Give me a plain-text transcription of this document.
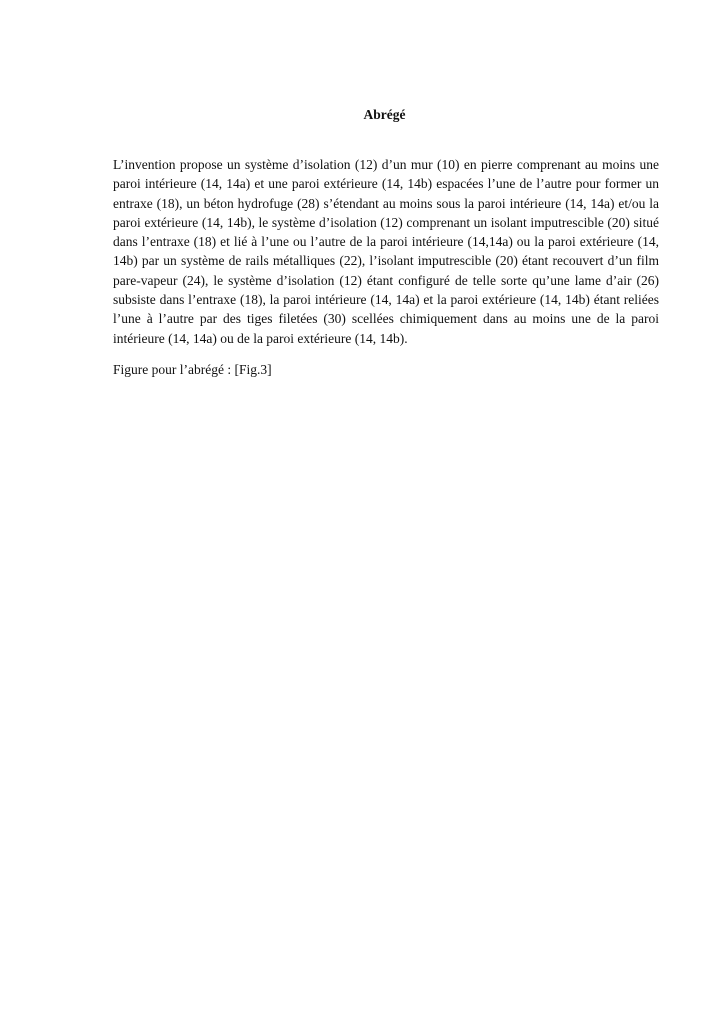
Abrégé

L’invention propose un système d’isolation (12) d’un mur (10) en pierre comprenant au moins une paroi intérieure (14, 14a) et une paroi extérieure (14, 14b) espacées l’une de l’autre pour former un entraxe (18), un béton hydrofuge (28) s’étendant au moins sous la paroi intérieure (14, 14a) et/ou la paroi extérieure (14, 14b), le système d’isolation (12) comprenant un isolant imputrescible (20) situé dans l’entraxe (18) et lié à l’une ou l’autre de la paroi intérieure (14,14a) ou la paroi extérieure (14, 14b) par un système de rails métalliques (22), l’isolant imputrescible (20) étant recouvert d’un film pare-vapeur (24), le système d’isolation (12) étant configuré de telle sorte qu’une lame d’air (26) subsiste dans l’entraxe (18), la paroi intérieure (14, 14a) et la paroi extérieure (14, 14b) étant reliées l’une à l’autre par des tiges filetées (30) scellées chimiquement dans au moins une de la paroi intérieure (14, 14a) ou de la paroi extérieure (14, 14b).

Figure pour l’abrégé : [Fig.3]
